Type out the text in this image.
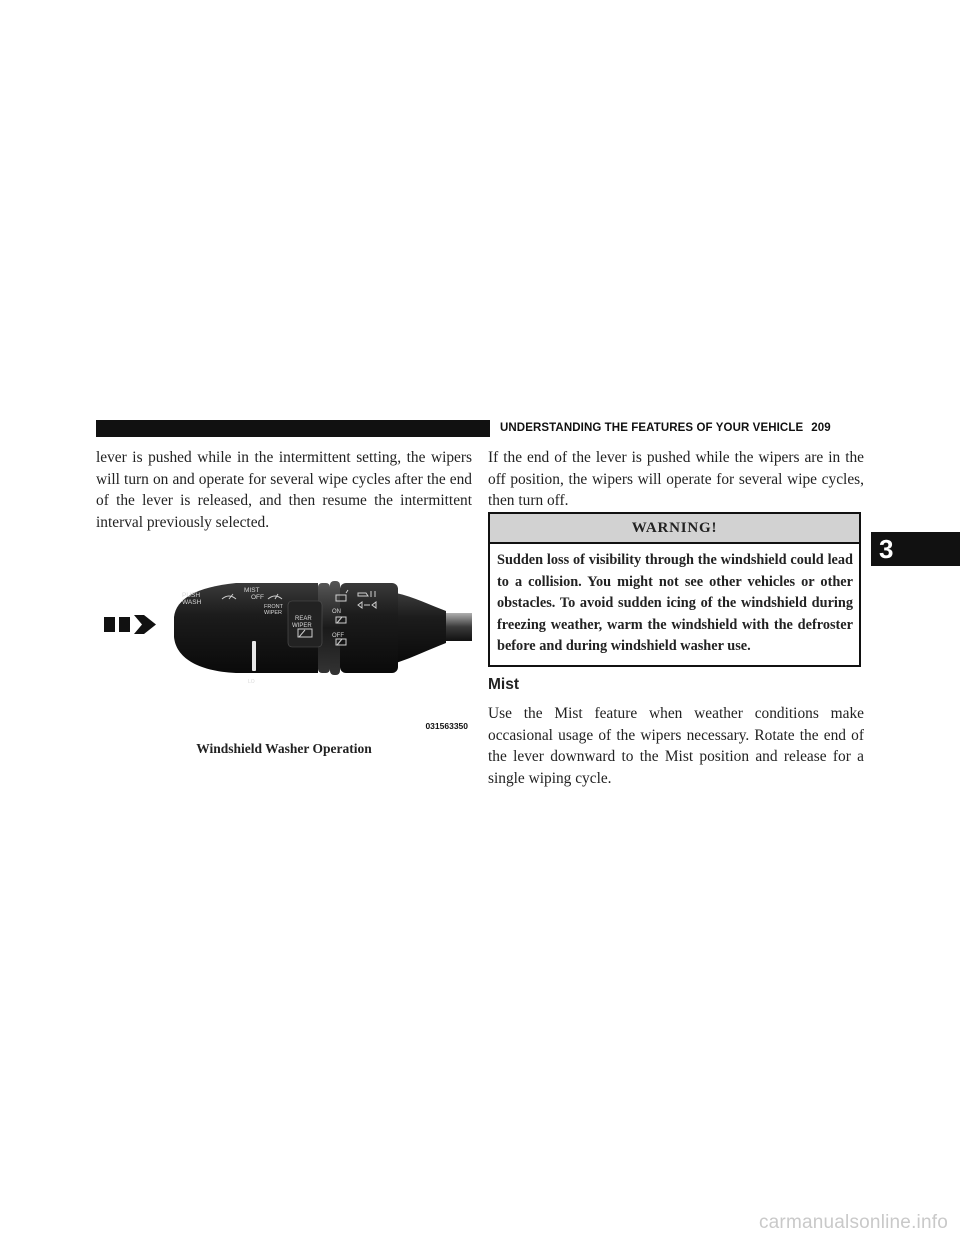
UNDERSTANDING THE FEATURES OF YOUR VEHICLE 209

lever is pushed while in the intermittent setting, the wipers will turn on and operate for several wipe cycles after the end of the lever is released, and then resume the intermittent interval previously selected.

PUSH
WASH
MIST
OFF
FRONT
WIPER
REAR
WIPER
LO
ON
OFF
031563350
Windshield Washer Operation

If the end of the lever is pushed while the wipers are in the off position, the wipers will operate for several wipe cycles, then turn off.

WARNING!

Sudden loss of visibility through the windshield could lead to a collision. You might not see other vehicles or other obstacles. To avoid sudden icing of the windshield during freezing weather, warm the windshield with the defroster before and during windshield washer use.

Mist

Use the Mist feature when weather conditions make occasional usage of the wipers necessary. Rotate the end of the lever downward to the Mist position and release for a single wiping cycle.

3
carmanualsonline.info
